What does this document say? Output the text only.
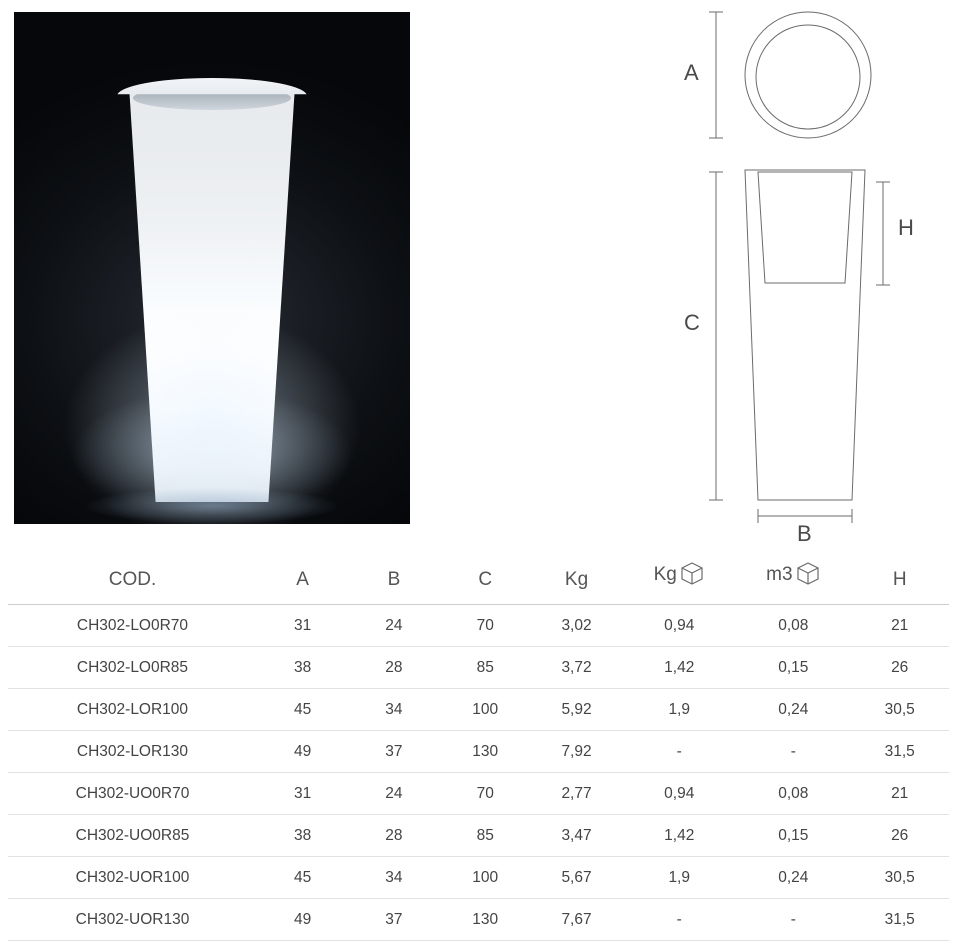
A
C
H
B
COD.	A	B	C	Kg	Kg	m3	H
CH302-LO0R70	31	24	70	3,02	0,94	0,08	21
CH302-LO0R85	38	28	85	3,72	1,42	0,15	26
CH302-LOR100	45	34	100	5,92	1,9	0,24	30,5
CH302-LOR130	49	37	130	7,92	-	-	31,5
CH302-UO0R70	31	24	70	2,77	0,94	0,08	21
CH302-UO0R85	38	28	85	3,47	1,42	0,15	26
CH302-UOR100	45	34	100	5,67	1,9	0,24	30,5
CH302-UOR130	49	37	130	7,67	-	-	31,5
